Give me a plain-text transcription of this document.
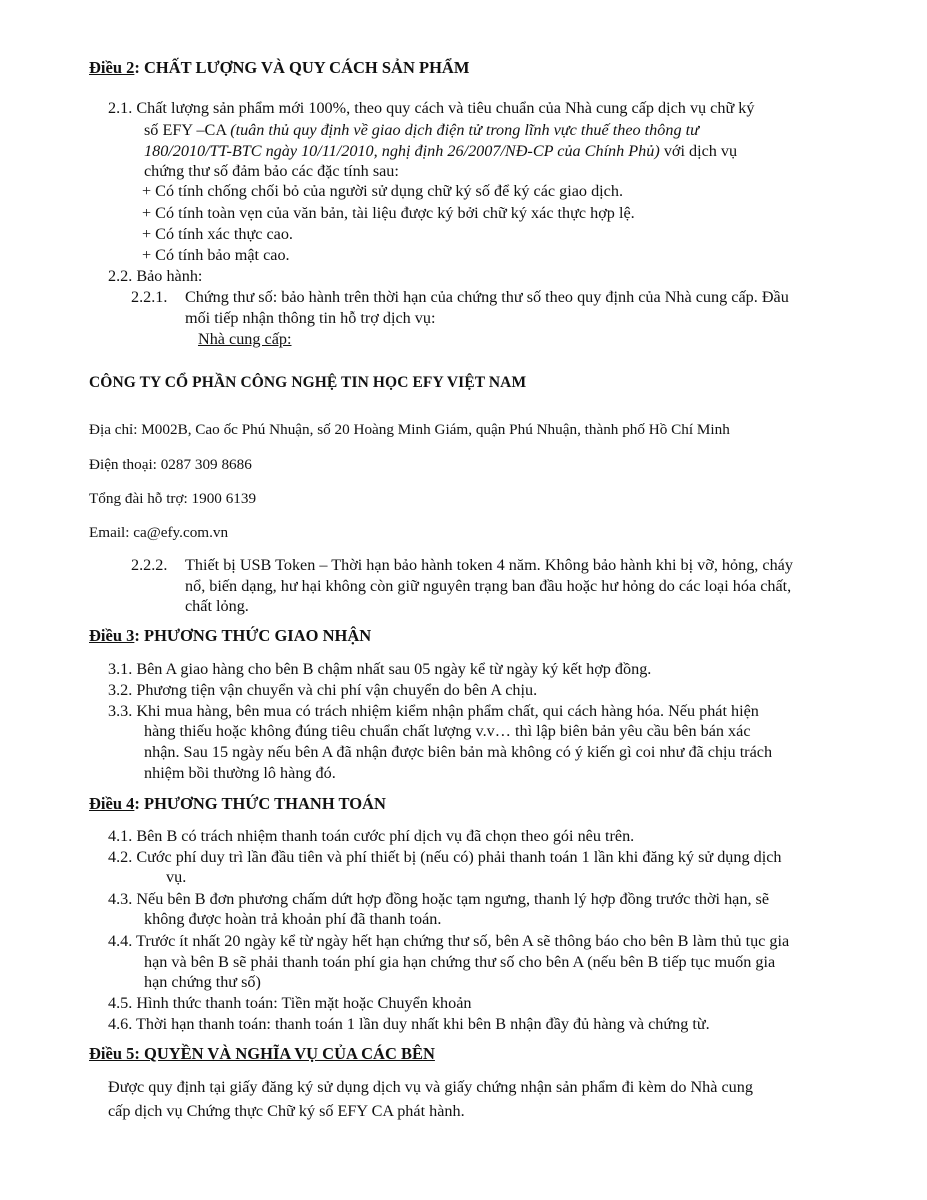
Điều 2: CHẤT LƯỢNG VÀ QUY CÁCH SẢN PHẨM
2.1. Chất lượng sản phẩm mới 100%, theo quy cách và tiêu chuẩn của Nhà cung cấp dịch vụ chữ ký
số EFY –CA (tuân thủ quy định về giao dịch điện tử trong lĩnh vực thuế theo thông tư
180/2010/TT-BTC ngày 10/11/2010, nghị định 26/2007/NĐ-CP của Chính Phủ) với dịch vụ
chứng thư số đảm bảo các đặc tính sau:
+ Có tính chống chối bỏ của người sử dụng chữ ký số để ký các giao dịch.
+ Có tính toàn vẹn của văn bản, tài liệu được ký bởi chữ ký xác thực hợp lệ.
+ Có tính xác thực cao.
+ Có tính bảo mật cao.
2.2. Bảo hành:
2.2.1. Chứng thư số: bảo hành trên thời hạn của chứng thư số theo quy định của Nhà cung cấp. Đầu
mối tiếp nhận thông tin hỗ trợ dịch vụ:
Nhà cung cấp:
CÔNG TY CỔ PHẦN CÔNG NGHỆ TIN HỌC EFY VIỆT NAM
Địa chỉ: M002B, Cao ốc Phú Nhuận, số 20 Hoàng Minh Giám, quận Phú Nhuận, thành phố Hồ Chí Minh
Điện thoại: 0287 309 8686
Tổng đài hỗ trợ: 1900 6139
Email: ca@efy.com.vn
2.2.2. Thiết bị USB Token – Thời hạn bảo hành token 4 năm. Không bảo hành khi bị vỡ, hỏng, cháy
nổ, biến dạng, hư hại không còn giữ nguyên trạng ban đầu hoặc hư hỏng do các loại hóa chất,
chất lỏng.
Điều 3: PHƯƠNG THỨC GIAO NHẬN
3.1. Bên A giao hàng cho bên B chậm nhất sau 05 ngày kể từ ngày ký kết hợp đồng.
3.2. Phương tiện vận chuyển và chi phí vận chuyển do bên A chịu.
3.3. Khi mua hàng, bên mua có trách nhiệm kiểm nhận phẩm chất, qui cách hàng hóa. Nếu phát hiện
hàng thiếu hoặc không đúng tiêu chuẩn chất lượng v.v… thì lập biên bản yêu cầu bên bán xác
nhận. Sau 15 ngày nếu bên A đã nhận được biên bản mà không có ý kiến gì coi như đã chịu trách
nhiệm bồi thường lô hàng đó.
Điều 4: PHƯƠNG THỨC THANH TOÁN
4.1. Bên B có trách nhiệm thanh toán cước phí dịch vụ đã chọn theo gói nêu trên.
4.2. Cước phí duy trì lần đầu tiên và phí thiết bị (nếu có) phải thanh toán 1 lần khi đăng ký sử dụng dịch
vụ.
4.3. Nếu bên B đơn phương chấm dứt hợp đồng hoặc tạm ngưng, thanh lý hợp đồng trước thời hạn, sẽ
không được hoàn trả khoản phí đã thanh toán.
4.4. Trước ít nhất 20 ngày kể từ ngày hết hạn chứng thư số, bên A sẽ thông báo cho bên B làm thủ tục gia
hạn và bên B sẽ phải thanh toán phí gia hạn chứng thư số cho bên A (nếu bên B tiếp tục muốn gia
hạn chứng thư số)
4.5. Hình thức thanh toán: Tiền mặt hoặc Chuyển khoản
4.6. Thời hạn thanh toán: thanh toán 1 lần duy nhất khi bên B nhận đầy đủ hàng và chứng từ.
Điều 5: QUYỀN VÀ NGHĨA VỤ CỦA CÁC BÊN
Được quy định tại giấy đăng ký sử dụng dịch vụ và giấy chứng nhận sản phẩm đi kèm do Nhà cung
cấp dịch vụ Chứng thực Chữ ký số EFY CA phát hành.
